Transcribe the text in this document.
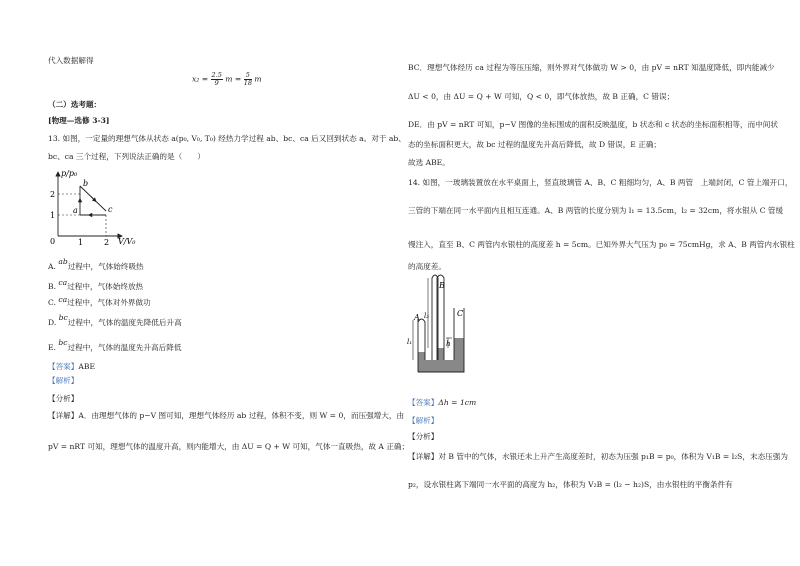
代入数据解得
$x_2 = \frac{2.5}{9}$ $m = \frac{5}{18}$ m
（二）选考题：
[物理—选修 3-3]
13. 如图，一定量的理想气体从状态 a(p₀, V₀, T₀) 经热力学过程 ab、bc、ca 后又回到状态 a。对于 ab、
bc、ca 三个过程，下列说法正确的是（　　）
p/p₀
V/V₀
0
1
2
1	2
a
b
c
A. ab过程中，气体始终吸热
B. ca过程中，气体始终放热
C. ca过程中，气体对外界做功
D. bc过程中，气体的温度先降低后升高
E. bc过程中，气体的温度先升高后降低
【答案】ABE
【解析】
【分析】
【详解】A．由理想气体的 p−V 图可知，理想气体经历 ab 过程，体积不变，则 W = 0，而压强增大，由
pV = nRT 可知，理想气体的温度升高，则内能增大，由 ΔU = Q + W 可知，气体一直吸热，故 A 正确；
BC．理想气体经历 ca 过程为等压压缩，则外界对气体做功 W > 0，由 pV = nRT 知温度降低，即内能减少
ΔU < 0，由 ΔU = Q + W 可知，Q < 0，即气体放热，故 B 正确，C 错误；
DE．由 pV = nRT 可知，p−V 图像的坐标围成的面积反映温度，b 状态和 c 状态的坐标面积相等，而中间状
态的坐标面积更大，故 bc 过程的温度先升高后降低，故 D 错误，E 正确；
故选 ABE。
14. 如图，一玻璃装置放在水平桌面上，竖直玻璃管 A、B、C 粗细均匀，A、B 两管　上端封闭，C 管上端开口，
三管的下端在同一水平面内且相互连通。A、B 两管的长度分别为 l₁ = 13.5cm，l₂ = 32cm，将水银从 C 管缓
慢注入，直至 B、C 两管内水银柱的高度差 h = 5cm。已知外界大气压为 p₀ = 75cmHg，求 A、B 两管内水银柱
的高度差。
A
B
C
l₁
l₂
h
【答案】Δh = 1cm
【解析】
【分析】
【详解】对 B 管中的气体，水银还未上升产生高度差时，初态为压强 p₁B = p₀，体积为 V₁B = l₂S，末态压强为
p₂，设水银柱离下端同一水平面的高度为 h₂，体积为 V₂B = (l₂ − h₂)S，由水银柱的平衡条件有
